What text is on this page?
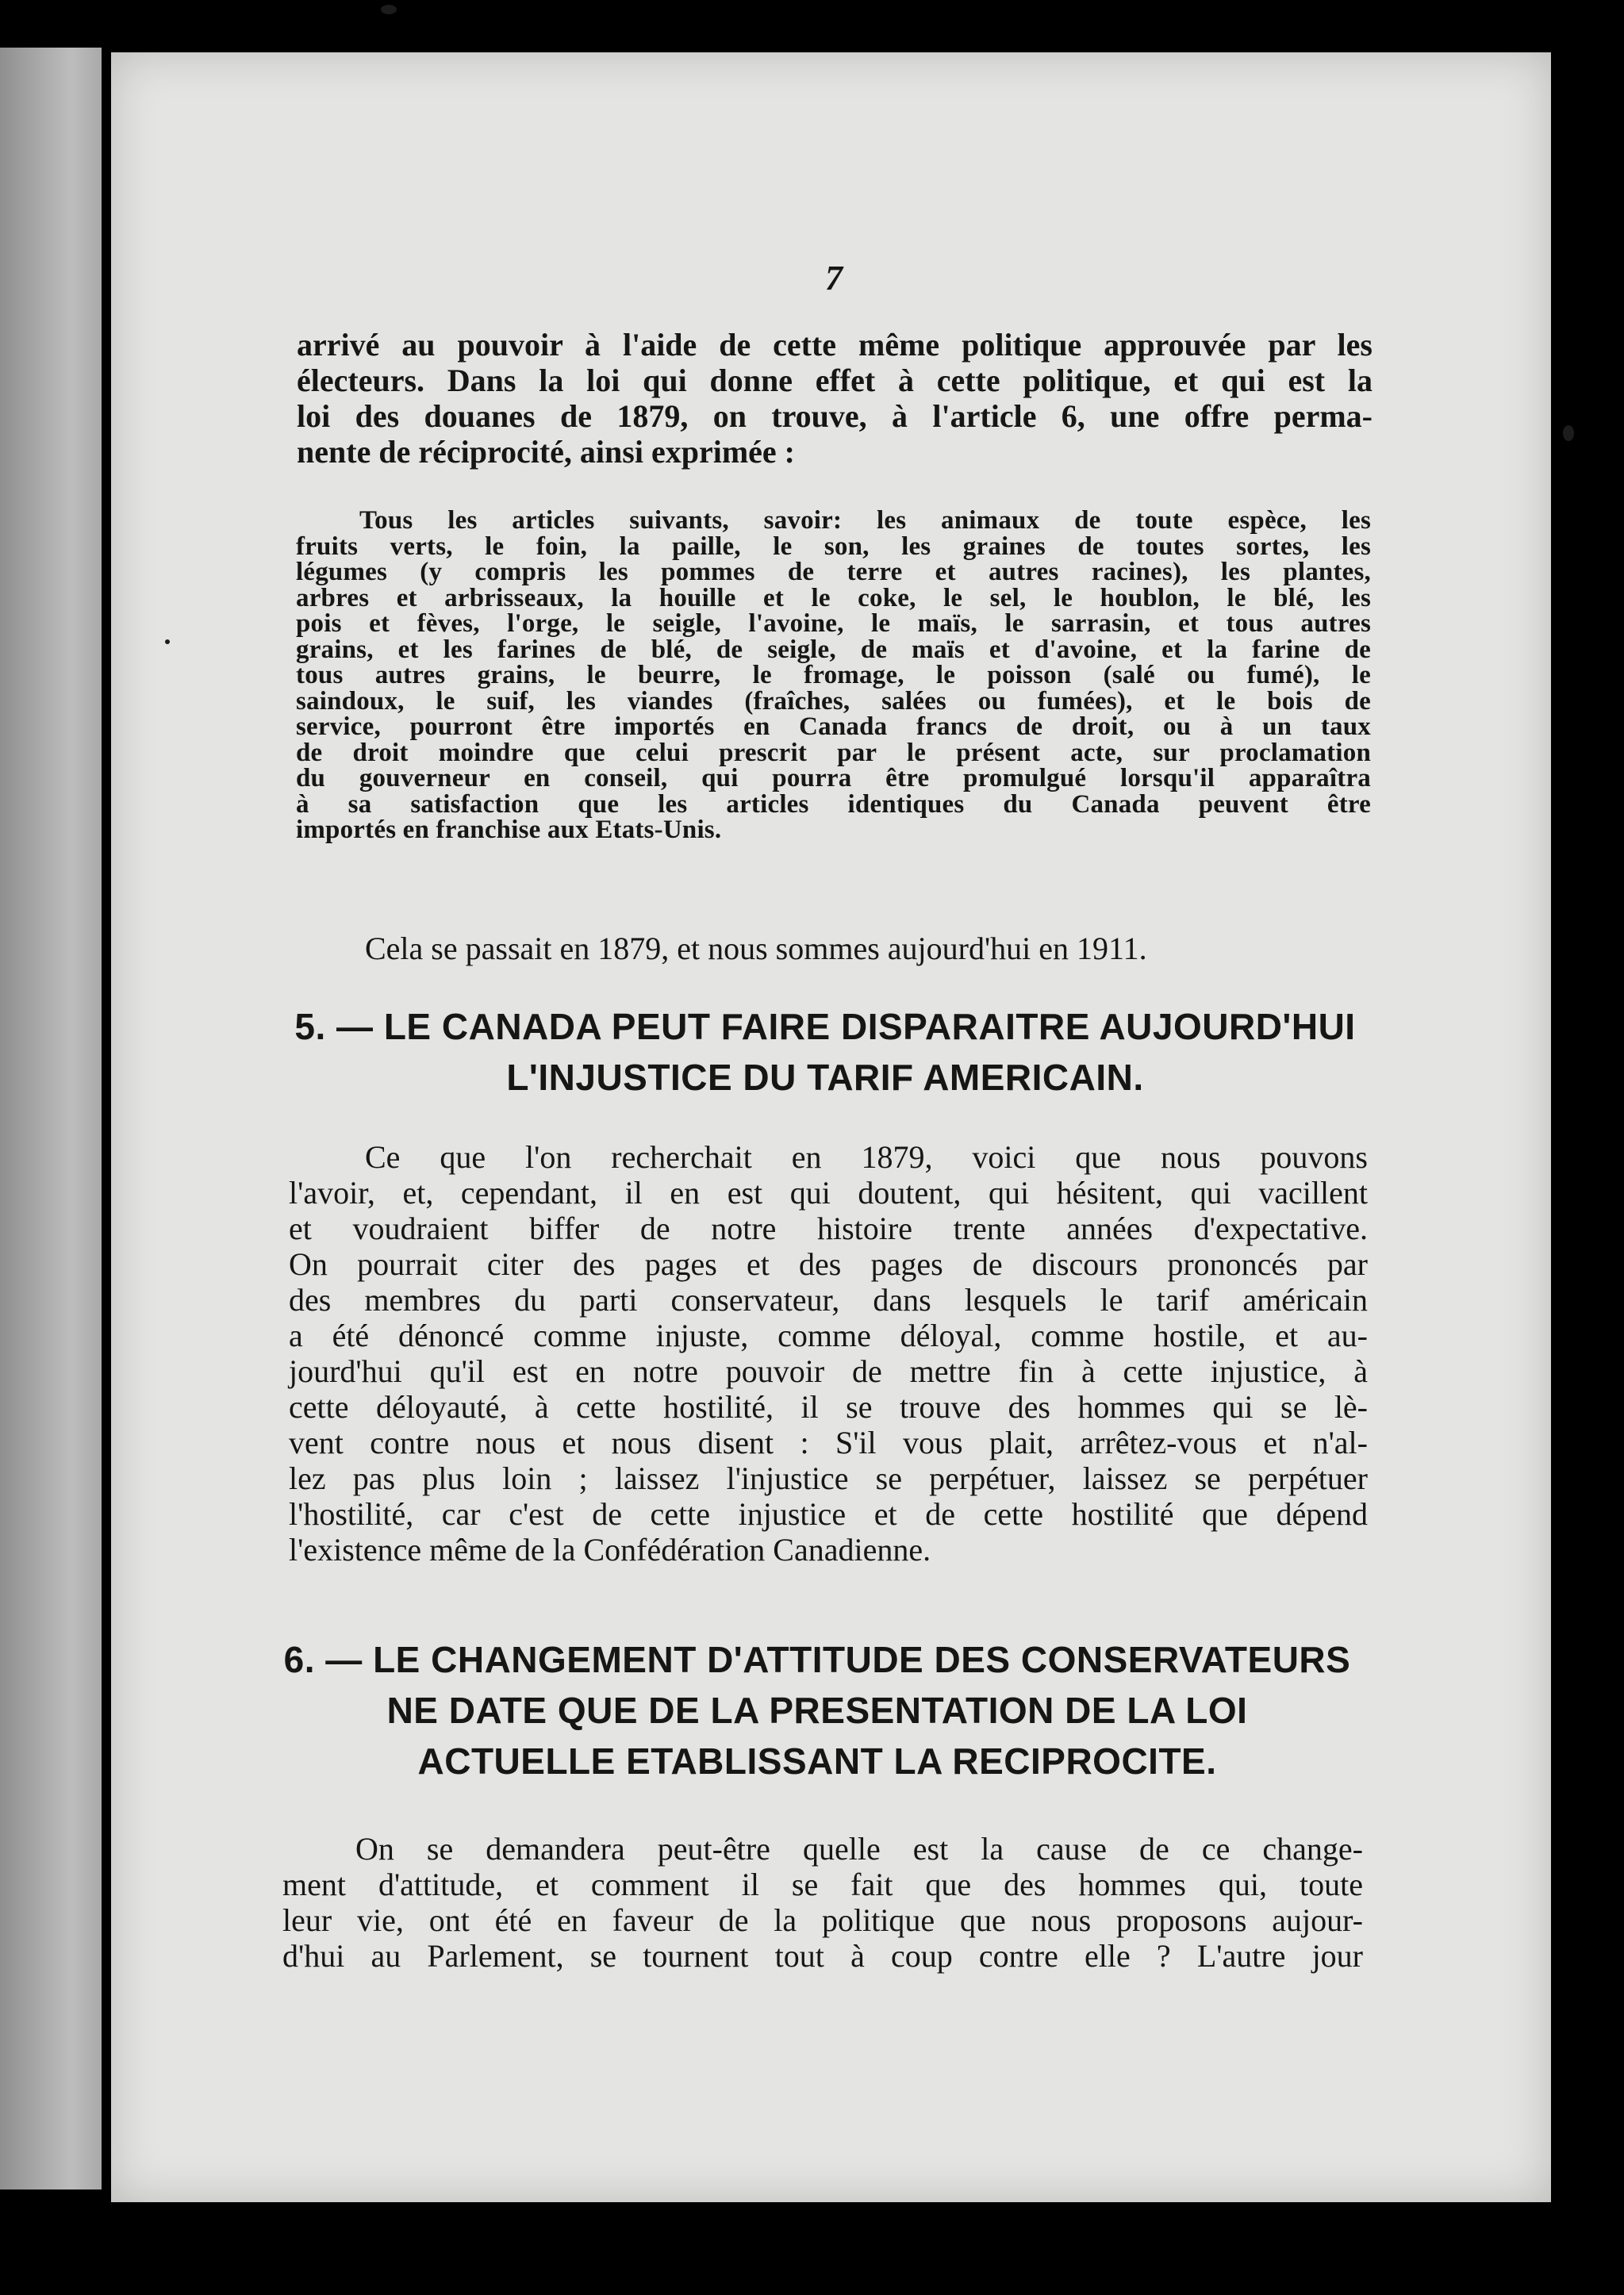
7
arrivé au pouvoir à l'aide de cette même politique approuvée par les
électeurs. Dans la loi qui donne effet à cette politique, et qui est la
loi des douanes de 1879, on trouve, à l'article 6, une offre perma-
nente de réciprocité, ainsi exprimée :
Tous les articles suivants, savoir: les animaux de toute espèce, les
fruits verts, le foin, la paille, le son, les graines de toutes sortes, les
légumes (y compris les pommes de terre et autres racines), les plantes,
arbres et arbrisseaux, la houille et le coke, le sel, le houblon, le blé, les
pois et fèves, l'orge, le seigle, l'avoine, le maïs, le sarrasin, et tous autres
grains, et les farines de blé, de seigle, de maïs et d'avoine, et la farine de
tous autres grains, le beurre, le fromage, le poisson (salé ou fumé), le
saindoux, le suif, les viandes (fraîches, salées ou fumées), et le bois de
service, pourront être importés en Canada francs de droit, ou à un taux
de droit moindre que celui prescrit par le présent acte, sur proclamation
du gouverneur en conseil, qui pourra être promulgué lorsqu'il apparaîtra
à sa satisfaction que les articles identiques du Canada peuvent être
importés en franchise aux Etats-Unis.
Cela se passait en 1879, et nous sommes aujourd'hui en 1911.
5. — LE CANADA PEUT FAIRE DISPARAITRE AUJOURD'HUI
L'INJUSTICE DU TARIF AMERICAIN.
Ce que l'on recherchait en 1879, voici que nous pouvons
l'avoir, et, cependant, il en est qui doutent, qui hésitent, qui vacillent
et voudraient biffer de notre histoire trente années d'expectative.
On pourrait citer des pages et des pages de discours prononcés par
des membres du parti conservateur, dans lesquels le tarif américain
a été dénoncé comme injuste, comme déloyal, comme hostile, et au-
jourd'hui qu'il est en notre pouvoir de mettre fin à cette injustice, à
cette déloyauté, à cette hostilité, il se trouve des hommes qui se lè-
vent contre nous et nous disent : S'il vous plait, arrêtez-vous et n'al-
lez pas plus loin ; laissez l'injustice se perpétuer, laissez se perpétuer
l'hostilité, car c'est de cette injustice et de cette hostilité que dépend
l'existence même de la Confédération Canadienne.
6. — LE CHANGEMENT D'ATTITUDE DES CONSERVATEURS
NE DATE QUE DE LA PRESENTATION DE LA LOI
ACTUELLE ETABLISSANT LA RECIPROCITE.
On se demandera peut-être quelle est la cause de ce change-
ment d'attitude, et comment il se fait que des hommes qui, toute
leur vie, ont été en faveur de la politique que nous proposons aujour-
d'hui au Parlement, se tournent tout à coup contre elle ? L'autre jour
